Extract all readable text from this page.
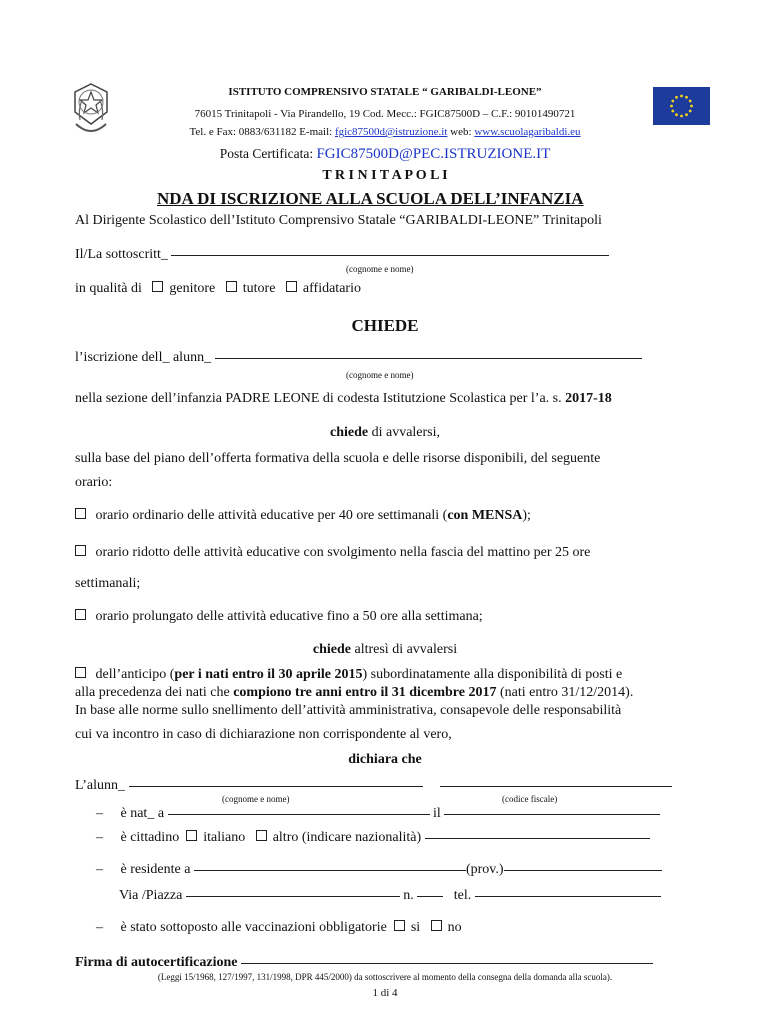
ISTITUTO COMPRENSIVO STATALE “ GARIBALDI-LEONE”
76015 Trinitapoli - Via Pirandello, 19 Cod. Mecc.: FGIC87500D – C.F.: 90101490721
Tel. e Fax: 0883/631182 E-mail: fgic87500d@istruzione.it web: www.scuolagaribaldi.eu
Posta Certificata: FGIC87500D@PEC.ISTRUZIONE.IT
T R I N I T A P O L I
NDA DI ISCRIZIONE ALLA SCUOLA DELL’INFANZIA
Al Dirigente Scolastico dell’Istituto Comprensivo Statale “GARIBALDI-LEONE” Trinitapoli
Il/La sottoscritt_
(cognome e nome)
in qualità di genitore tutore affidatario
CHIEDE
l’iscrizione dell_ alunn_
(cognome e nome)
nella sezione dell’infanzia PADRE LEONE di codesta Istitutzione Scolastica per l’a. s. 2017-18
chiede di avvalersi,
sulla base del piano dell’offerta formativa della scuola e delle risorse disponibili, del seguente
orario:
orario ordinario delle attività educative per 40 ore settimanali (con MENSA);
orario ridotto delle attività educative con svolgimento nella fascia del mattino per 25 ore
settimanali;
orario prolungato delle attività educative fino a 50 ore alla settimana;
chiede altresì di avvalersi
dell’anticipo (per i nati entro il 30 aprile 2015) subordinatamente alla disponibilità di posti e
alla precedenza dei nati che compiono tre anni entro il 31 dicembre 2017 (nati entro 31/12/2014).
In base alle norme sullo snellimento dell’attività amministrativa, consapevole delle responsabilità
cui va incontro in caso di dichiarazione non corrispondente al vero,
dichiara che
L’alunn_
(cognome e nome)	(codice fiscale)
– è nat_ a	il
– è cittadino italiano altro (indicare nazionalità)
– è residente a	(prov.)
Via /Piazza	n.	tel.
– è stato sottoposto alle vaccinazioni obbligatorie si no
Firma di autocertificazione
(Leggi 15/1968, 127/1997, 131/1998, DPR 445/2000) da sottoscrivere al momento della consegna della domanda alla scuola).
1 di 4
